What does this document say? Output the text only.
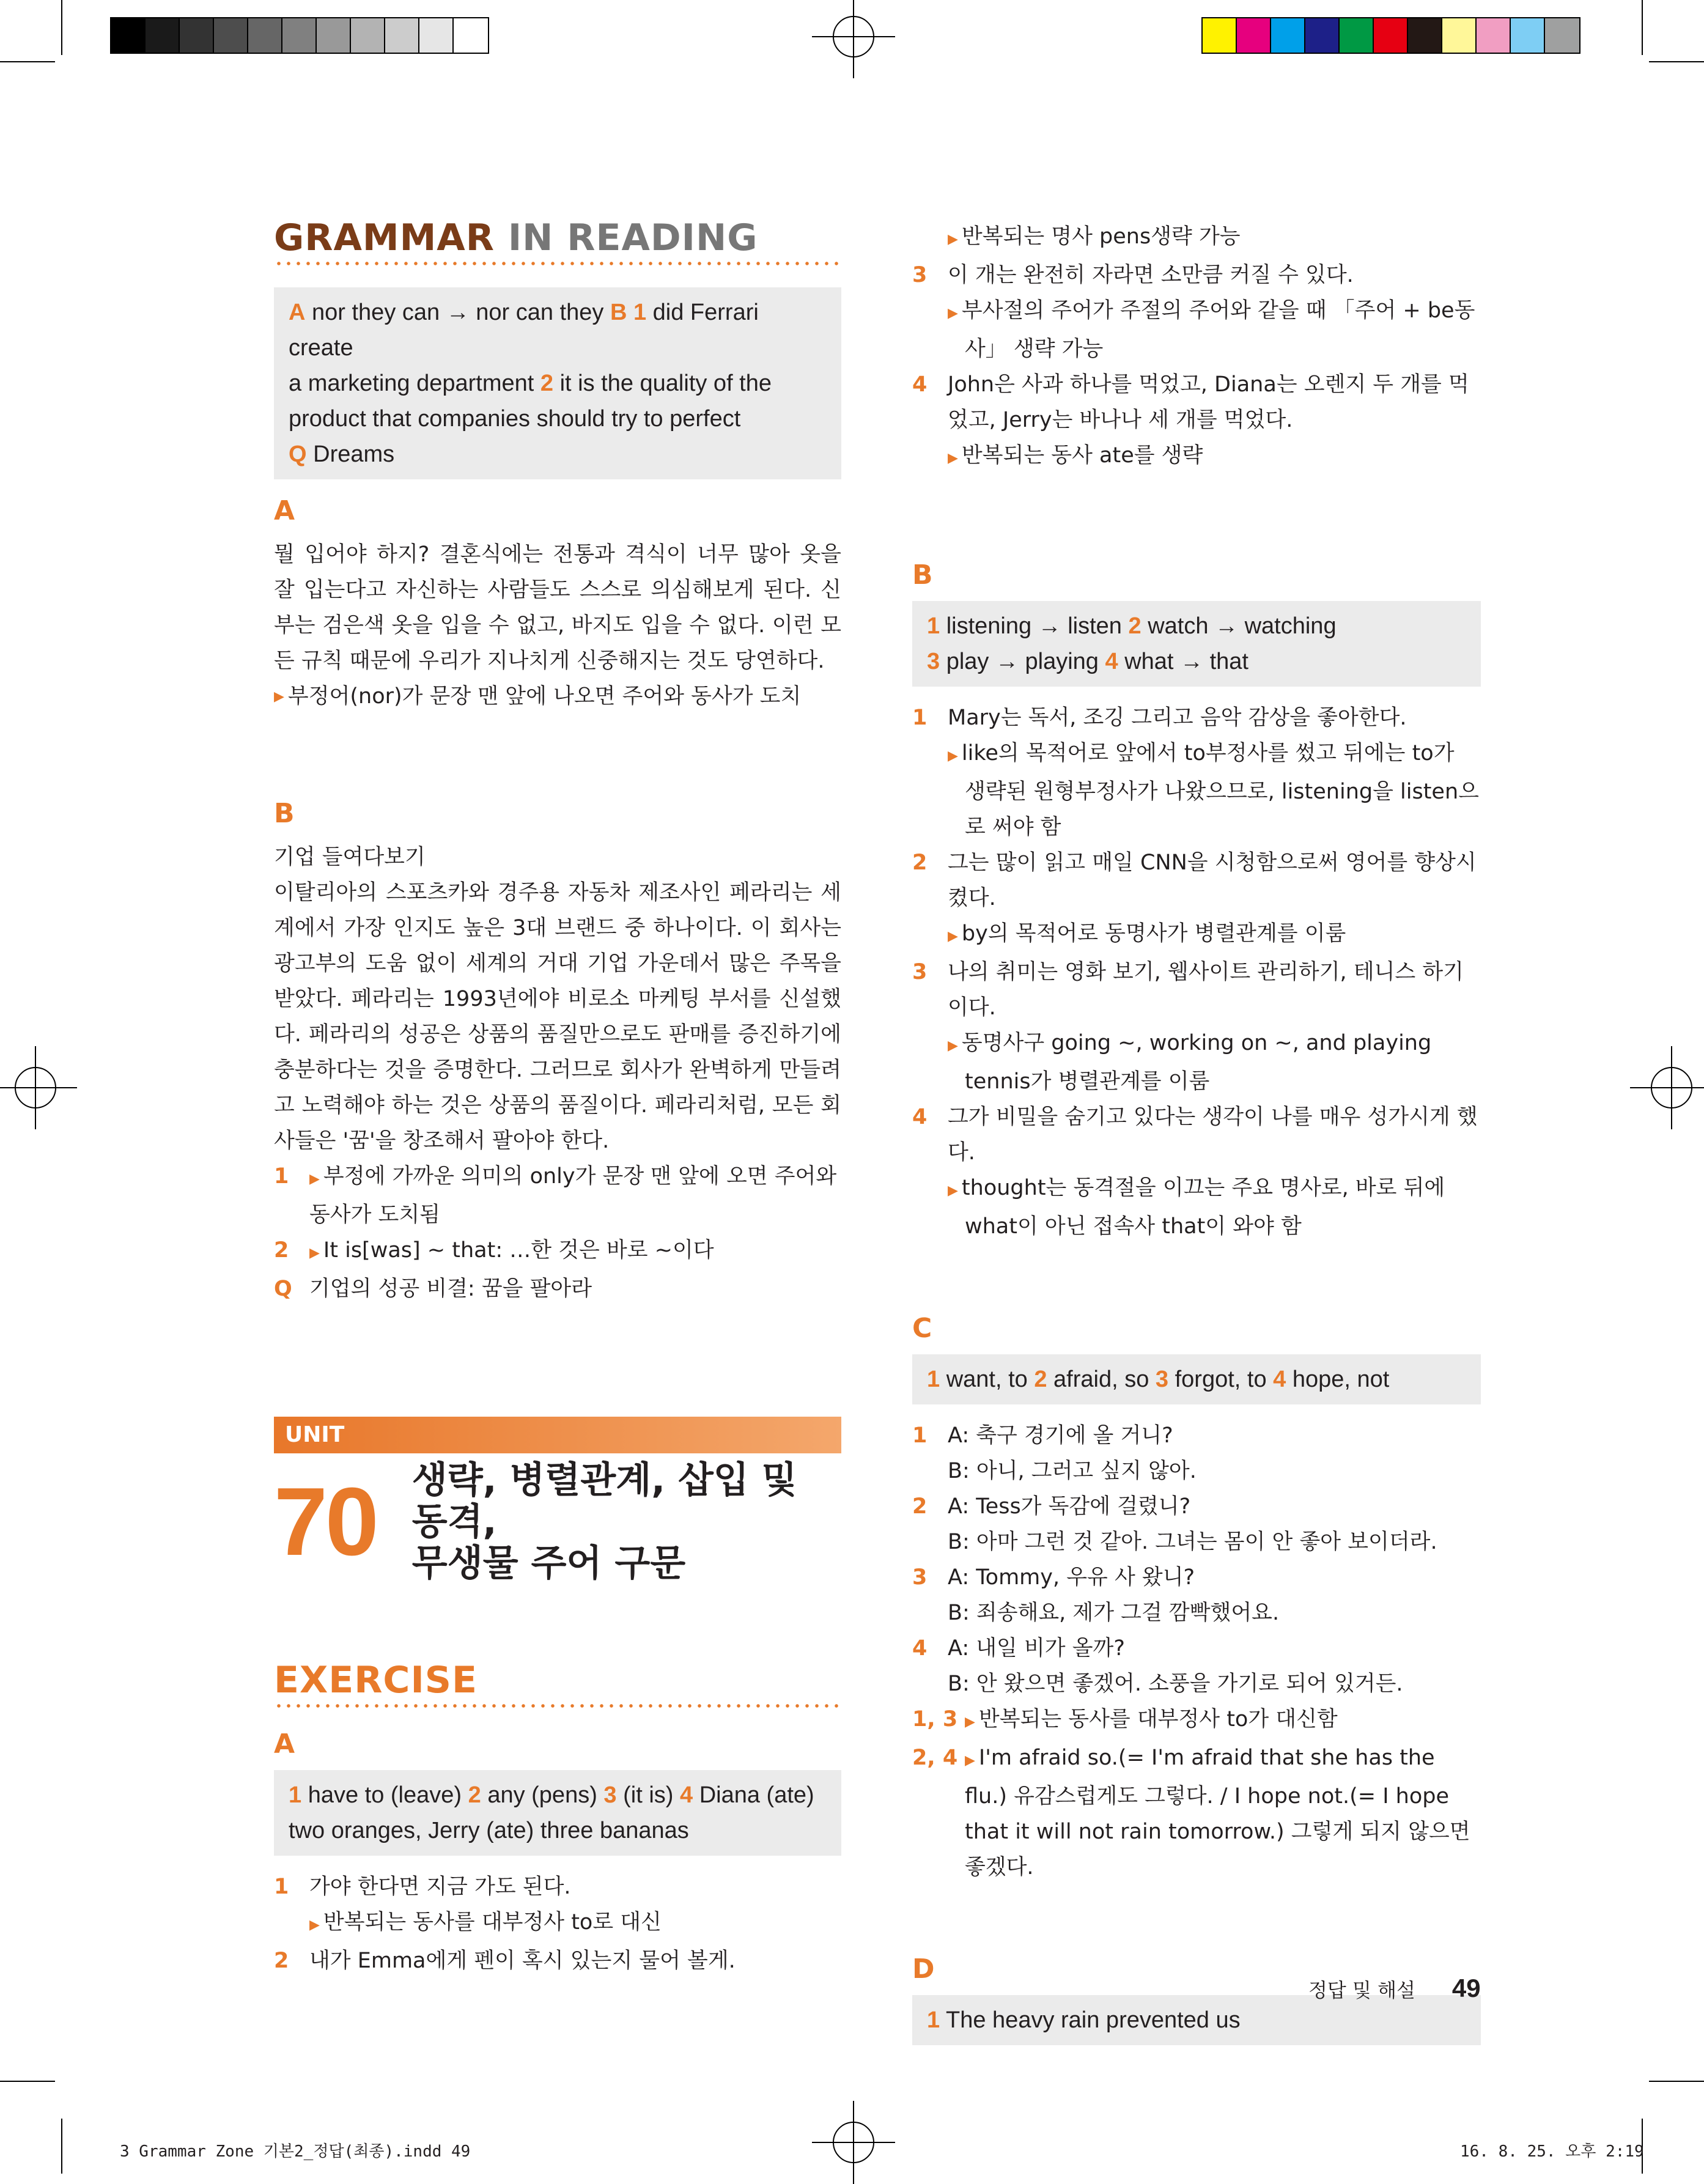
GRAMMAR IN READING
A nor they can → nor can they B 1 did Ferrari create
a marketing department 2 it is the quality of the
product that companies should try to perfect
Q Dreams
A
뭘 입어야 하지? 결혼식에는 전통과 격식이 너무 많아 옷을 잘 입는다고 자신하는 사람들도 스스로 의심해보게 된다. 신부는 검은색 옷을 입을 수 없고, 바지도 입을 수 없다. 이런 모든 규칙 때문에 우리가 지나치게 신중해지는 것도 당연하다.
▶ 부정어(nor)가 문장 맨 앞에 나오면 주어와 동사가 도치
B
기업 들여다보기
이탈리아의 스포츠카와 경주용 자동차 제조사인 페라리는 세계에서 가장 인지도 높은 3대 브랜드 중 하나이다. 이 회사는 광고부의 도움 없이 세계의 거대 기업 가운데서 많은 주목을 받았다. 페라리는 1993년에야 비로소 마케팅 부서를 신설했다. 페라리의 성공은 상품의 품질만으로도 판매를 증진하기에 충분하다는 것을 증명한다. 그러므로 회사가 완벽하게 만들려고 노력해야 하는 것은 상품의 품질이다. 페라리처럼, 모든 회사들은 '꿈'을 창조해서 팔아야 한다.
1	▶ 부정에 가까운 의미의 only가 문장 맨 앞에 오면 주어와 동사가 도치됨
2	▶ It is[was] ~ that: …한 것은 바로 ~이다
Q 기업의 성공 비결: 꿈을 팔아라
UNIT
70 생략, 병렬관계, 삽입 및 동격,
무생물 주어 구문
EXERCISE
A
1 have to (leave) 2 any (pens) 3 (it is) 4 Diana (ate)
two oranges, Jerry (ate) three bananas
1 가야 한다면 지금 가도 된다.
▶ 반복되는 동사를 대부정사 to로 대신
2 내가 Emma에게 펜이 혹시 있는지 물어 볼게.
▶ 반복되는 명사 pens생략 가능
3 이 개는 완전히 자라면 소만큼 커질 수 있다.
▶ 부사절의 주어가 주절의 주어와 같을 때 「주어 + be동사」 생략 가능
4 John은 사과 하나를 먹었고, Diana는 오렌지 두 개를 먹었고, Jerry는 바나나 세 개를 먹었다.
▶ 반복되는 동사 ate를 생략
B
1 listening → listen 2 watch → watching
3 play → playing 4 what → that
1 Mary는 독서, 조깅 그리고 음악 감상을 좋아한다.
▶ like의 목적어로 앞에서 to부정사를 썼고 뒤에는 to가 생략된 원형부정사가 나왔으므로, listening을 listen으로 써야 함
2 그는 많이 읽고 매일 CNN을 시청함으로써 영어를 향상시켰다.
▶ by의 목적어로 동명사가 병렬관계를 이룸
3 나의 취미는 영화 보기, 웹사이트 관리하기, 테니스 하기이다.
▶ 동명사구 going ~, working on ~, and playing tennis가 병렬관계를 이룸
4 그가 비밀을 숨기고 있다는 생각이 나를 매우 성가시게 했다.
▶ thought는 동격절을 이끄는 주요 명사로, 바로 뒤에 what이 아닌 접속사 that이 와야 함
C
1 want, to 2 afraid, so 3 forgot, to 4 hope, not
1 A: 축구 경기에 올 거니?
B: 아니, 그러고 싶지 않아.
2 A: Tess가 독감에 걸렸니?
B: 아마 그런 것 같아. 그녀는 몸이 안 좋아 보이더라.
3 A: Tommy, 우유 사 왔니?
B: 죄송해요, 제가 그걸 깜빡했어요.
4 A: 내일 비가 올까?
B: 안 왔으면 좋겠어. 소풍을 가기로 되어 있거든.
1, 3 ▶ 반복되는 동사를 대부정사 to가 대신함
2, 4 ▶ I'm afraid so.(= I'm afraid that she has the flu.) 유감스럽게도 그렇다. / I hope not.(= I hope that it will not rain tomorrow.) 그렇게 되지 않으면 좋겠다.
D
1 The heavy rain prevented us
정답 및 해설 49
3 Grammar Zone 기본2_정답(최종).indd 49	16. 8. 25. 오후 2:19
